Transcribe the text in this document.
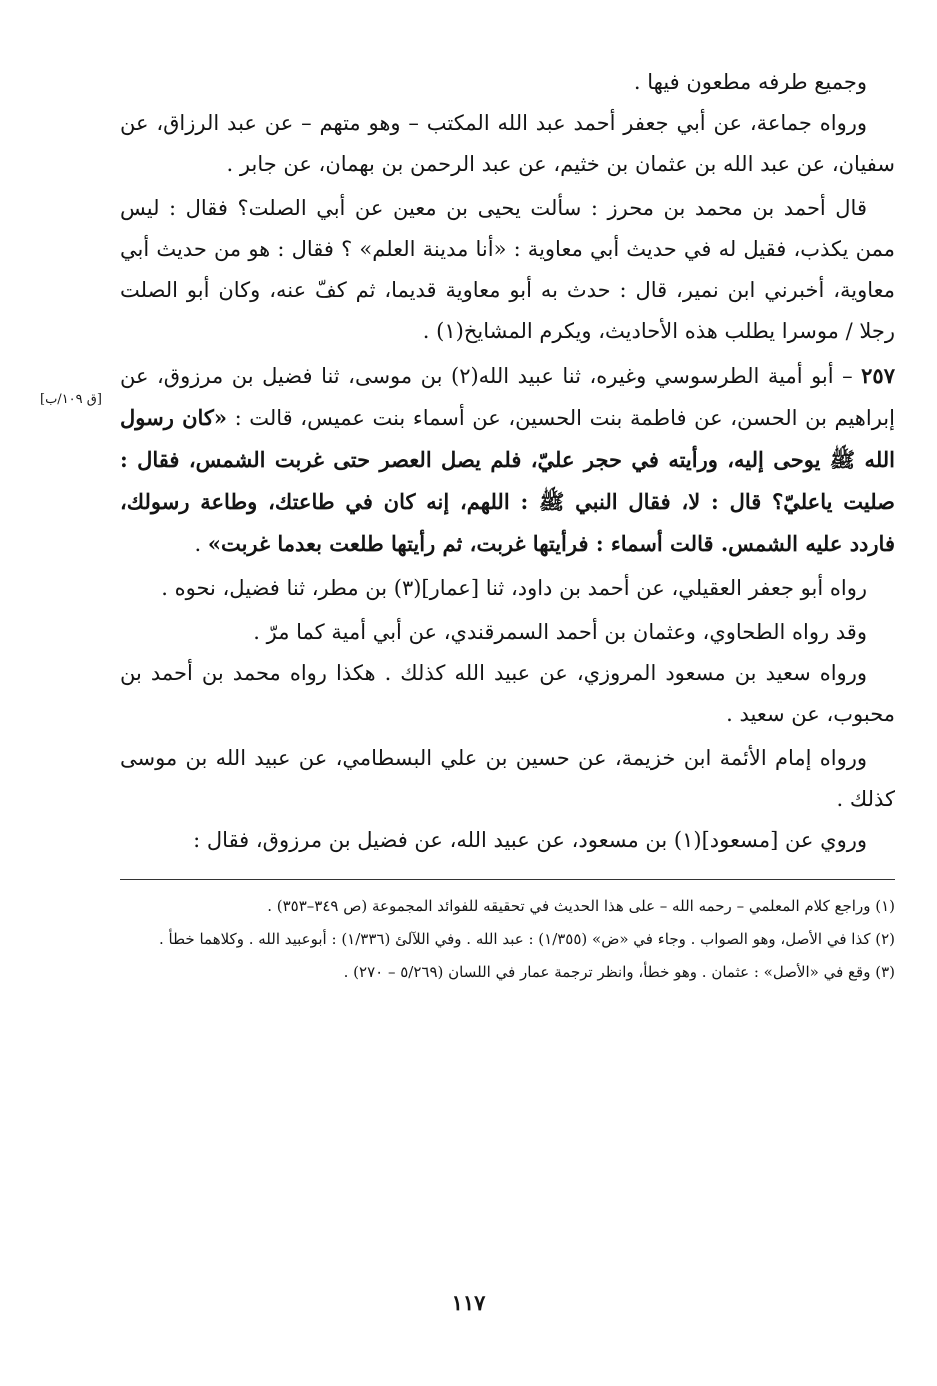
[ق ١٠٩/ب]

وجميع طرفه مطعون فيها .

ورواه جماعة، عن أبي جعفر أحمد عبد الله المكتب – وهو متهم – عن عبد الرزاق، عن سفيان، عن عبد الله بن عثمان بن خثيم، عن عبد الرحمن بن بهمان، عن جابر .

قال أحمد بن محمد بن محرز : سألت يحيى بن معين عن أبي الصلت؟ فقال : ليس ممن يكذب، فقيل له في حديث أبي معاوية : «أنا مدينة العلم» ؟ فقال : هو من حديث أبي معاوية، أخبرني ابن نمير، قال : حدث به أبو معاوية قديما، ثم كفّ عنه، وكان أبو الصلت رجلا / موسرا يطلب هذه الأحاديث، ويكرم المشايخ(١) .

٢٥٧ – أبو أمية الطرسوسي وغيره، ثنا عبيد الله(٢) بن موسى، ثنا فضيل بن مرزوق، عن إبراهيم بن الحسن، عن فاطمة بنت الحسين، عن أسماء بنت عميس، قالت : «كان رسول الله ﷺ يوحى إليه، ورأيته في حجر عليّ، فلم يصل العصر حتى غربت الشمس، فقال : صليت ياعليّ؟ قال : لا، فقال النبي ﷺ : اللهم، إنه كان في طاعتك، وطاعة رسولك، فاردد عليه الشمس. قالت أسماء : فرأيتها غربت، ثم رأيتها طلعت بعدما غربت» .

رواه أبو جعفر العقيلي، عن أحمد بن داود، ثنا [عمار](٣) بن مطر، ثنا فضيل، نحوه .

وقد رواه الطحاوي، وعثمان بن أحمد السمرقندي، عن أبي أمية كما مرّ .

ورواه سعيد بن مسعود المروزي، عن عبيد الله كذلك . هكذا رواه محمد بن أحمد بن محبوب، عن سعيد .

ورواه إمام الأئمة ابن خزيمة، عن حسين بن علي البسطامي، عن عبيد الله بن موسى كذلك .

وروي عن [مسعود](١) بن مسعود، عن عبيد الله، عن فضيل بن مرزوق، فقال :

(١) وراجع كلام المعلمي – رحمه الله – على هذا الحديث في تحقيقه للفوائد المجموعة (ص ٣٤٩–٣٥٣) .

(٢) كذا في الأصل، وهو الصواب . وجاء في «ض» (١/٣٥٥) : عبد الله . وفي اللآلئ (١/٣٣٦) : أبوعبيد الله . وكلاهما خطأ .

(٣) وقع في «الأصل» : عثمان . وهو خطأ، وانظر ترجمة عمار في اللسان (٥/٢٦٩ – ٢٧٠) .

١١٧
